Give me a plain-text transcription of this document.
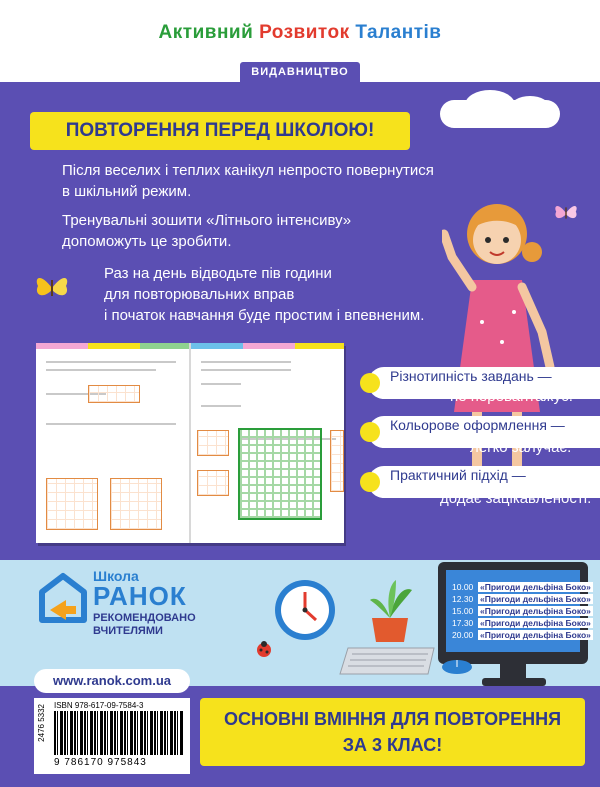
Активний Розвиток Талантів
ВИДАВНИЦТВО
ПОВТОРЕННЯ ПЕРЕД ШКОЛОЮ!
Після веселих і теплих канікул непросто повернутися
в шкільний режим.
Тренувальні зошити «Літнього інтенсиву»
допоможуть це зробити.
Раз на день відводьте пів години
для повторювальних вправ
і початок навчання буде простим і впевненим.
Різнотипність завдань —
не перевантажує.
Кольорове оформлення —
легко залучає.
Практичний підхід —
додає зацікавленості.
Школа
РАНОК
РЕКОМЕНДОВАНО
ВЧИТЕЛЯМИ
10.00 «Пригоди дельфіна Боко»
12.30 «Пригоди дельфіна Боко»
15.00 «Пригоди дельфіна Боко»
17.30 «Пригоди дельфіна Боко»
20.00 «Пригоди дельфіна Боко»
www.ranok.com.ua
2476 5332 ISBN 978-617-09-7584-3
9 786170 975843
ОСНОВНІ ВМІННЯ ДЛЯ ПОВТОРЕННЯ
ЗА 3 КЛАС!
